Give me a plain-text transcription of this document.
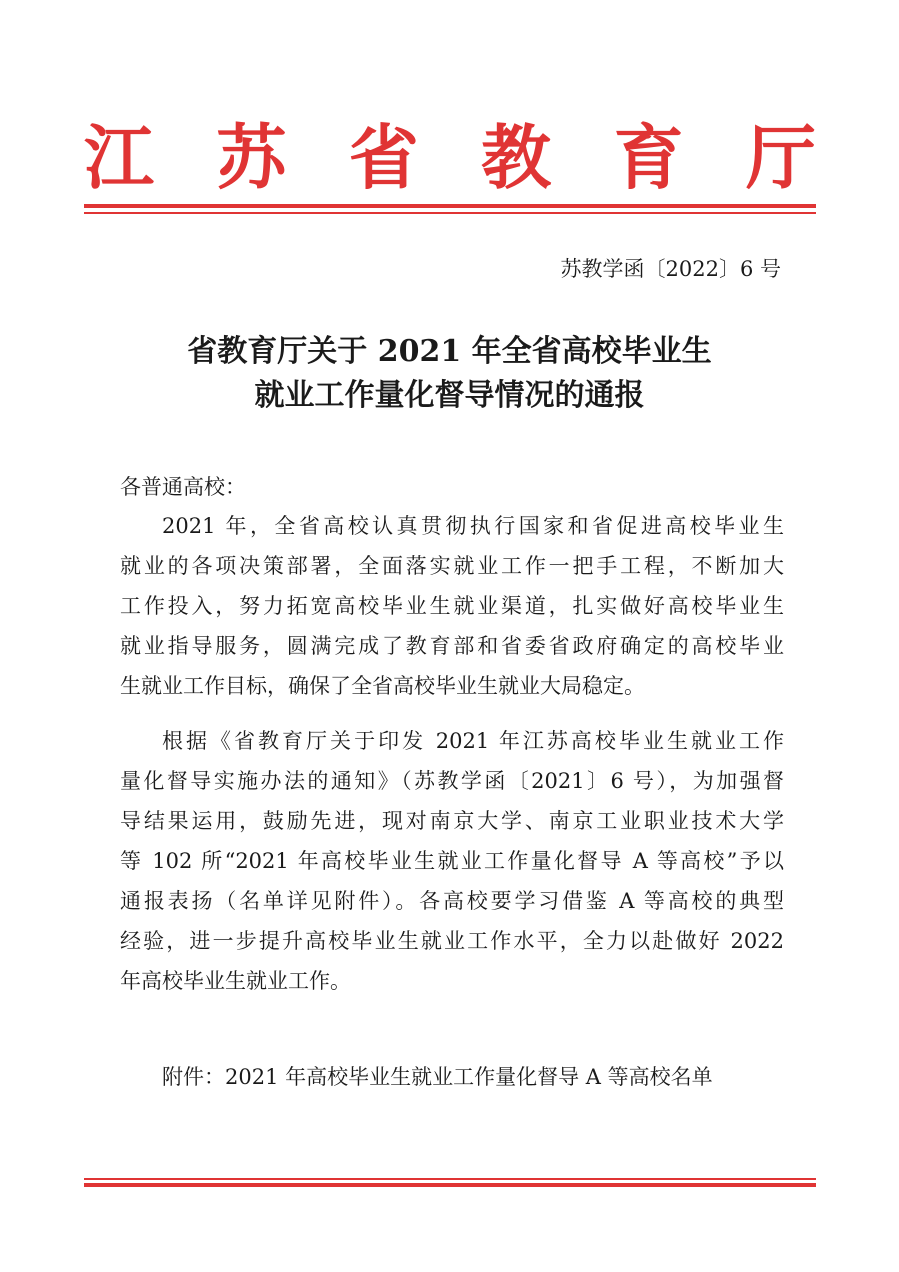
江 苏 省 教 育 厅
苏教学函〔2022〕6 号
省教育厅关于 2021 年全省高校毕业生
就业工作量化督导情况的通报
各普通高校：
2021 年，全省高校认真贯彻执行国家和省促进高校毕业生
就业的各项决策部署，全面落实就业工作一把手工程，不断加大
工作投入，努力拓宽高校毕业生就业渠道，扎实做好高校毕业生
就业指导服务，圆满完成了教育部和省委省政府确定的高校毕业
生就业工作目标，确保了全省高校毕业生就业大局稳定。
根据《省教育厅关于印发 2021 年江苏高校毕业生就业工作
量化督导实施办法的通知》（苏教学函〔2021〕6 号），为加强督
导结果运用，鼓励先进，现对南京大学、南京工业职业技术大学
等 102 所“2021 年高校毕业生就业工作量化督导 A 等高校”予以
通报表扬（名单详见附件）。各高校要学习借鉴 A 等高校的典型
经验，进一步提升高校毕业生就业工作水平，全力以赴做好 2022
年高校毕业生就业工作。
附件：2021 年高校毕业生就业工作量化督导 A 等高校名单
